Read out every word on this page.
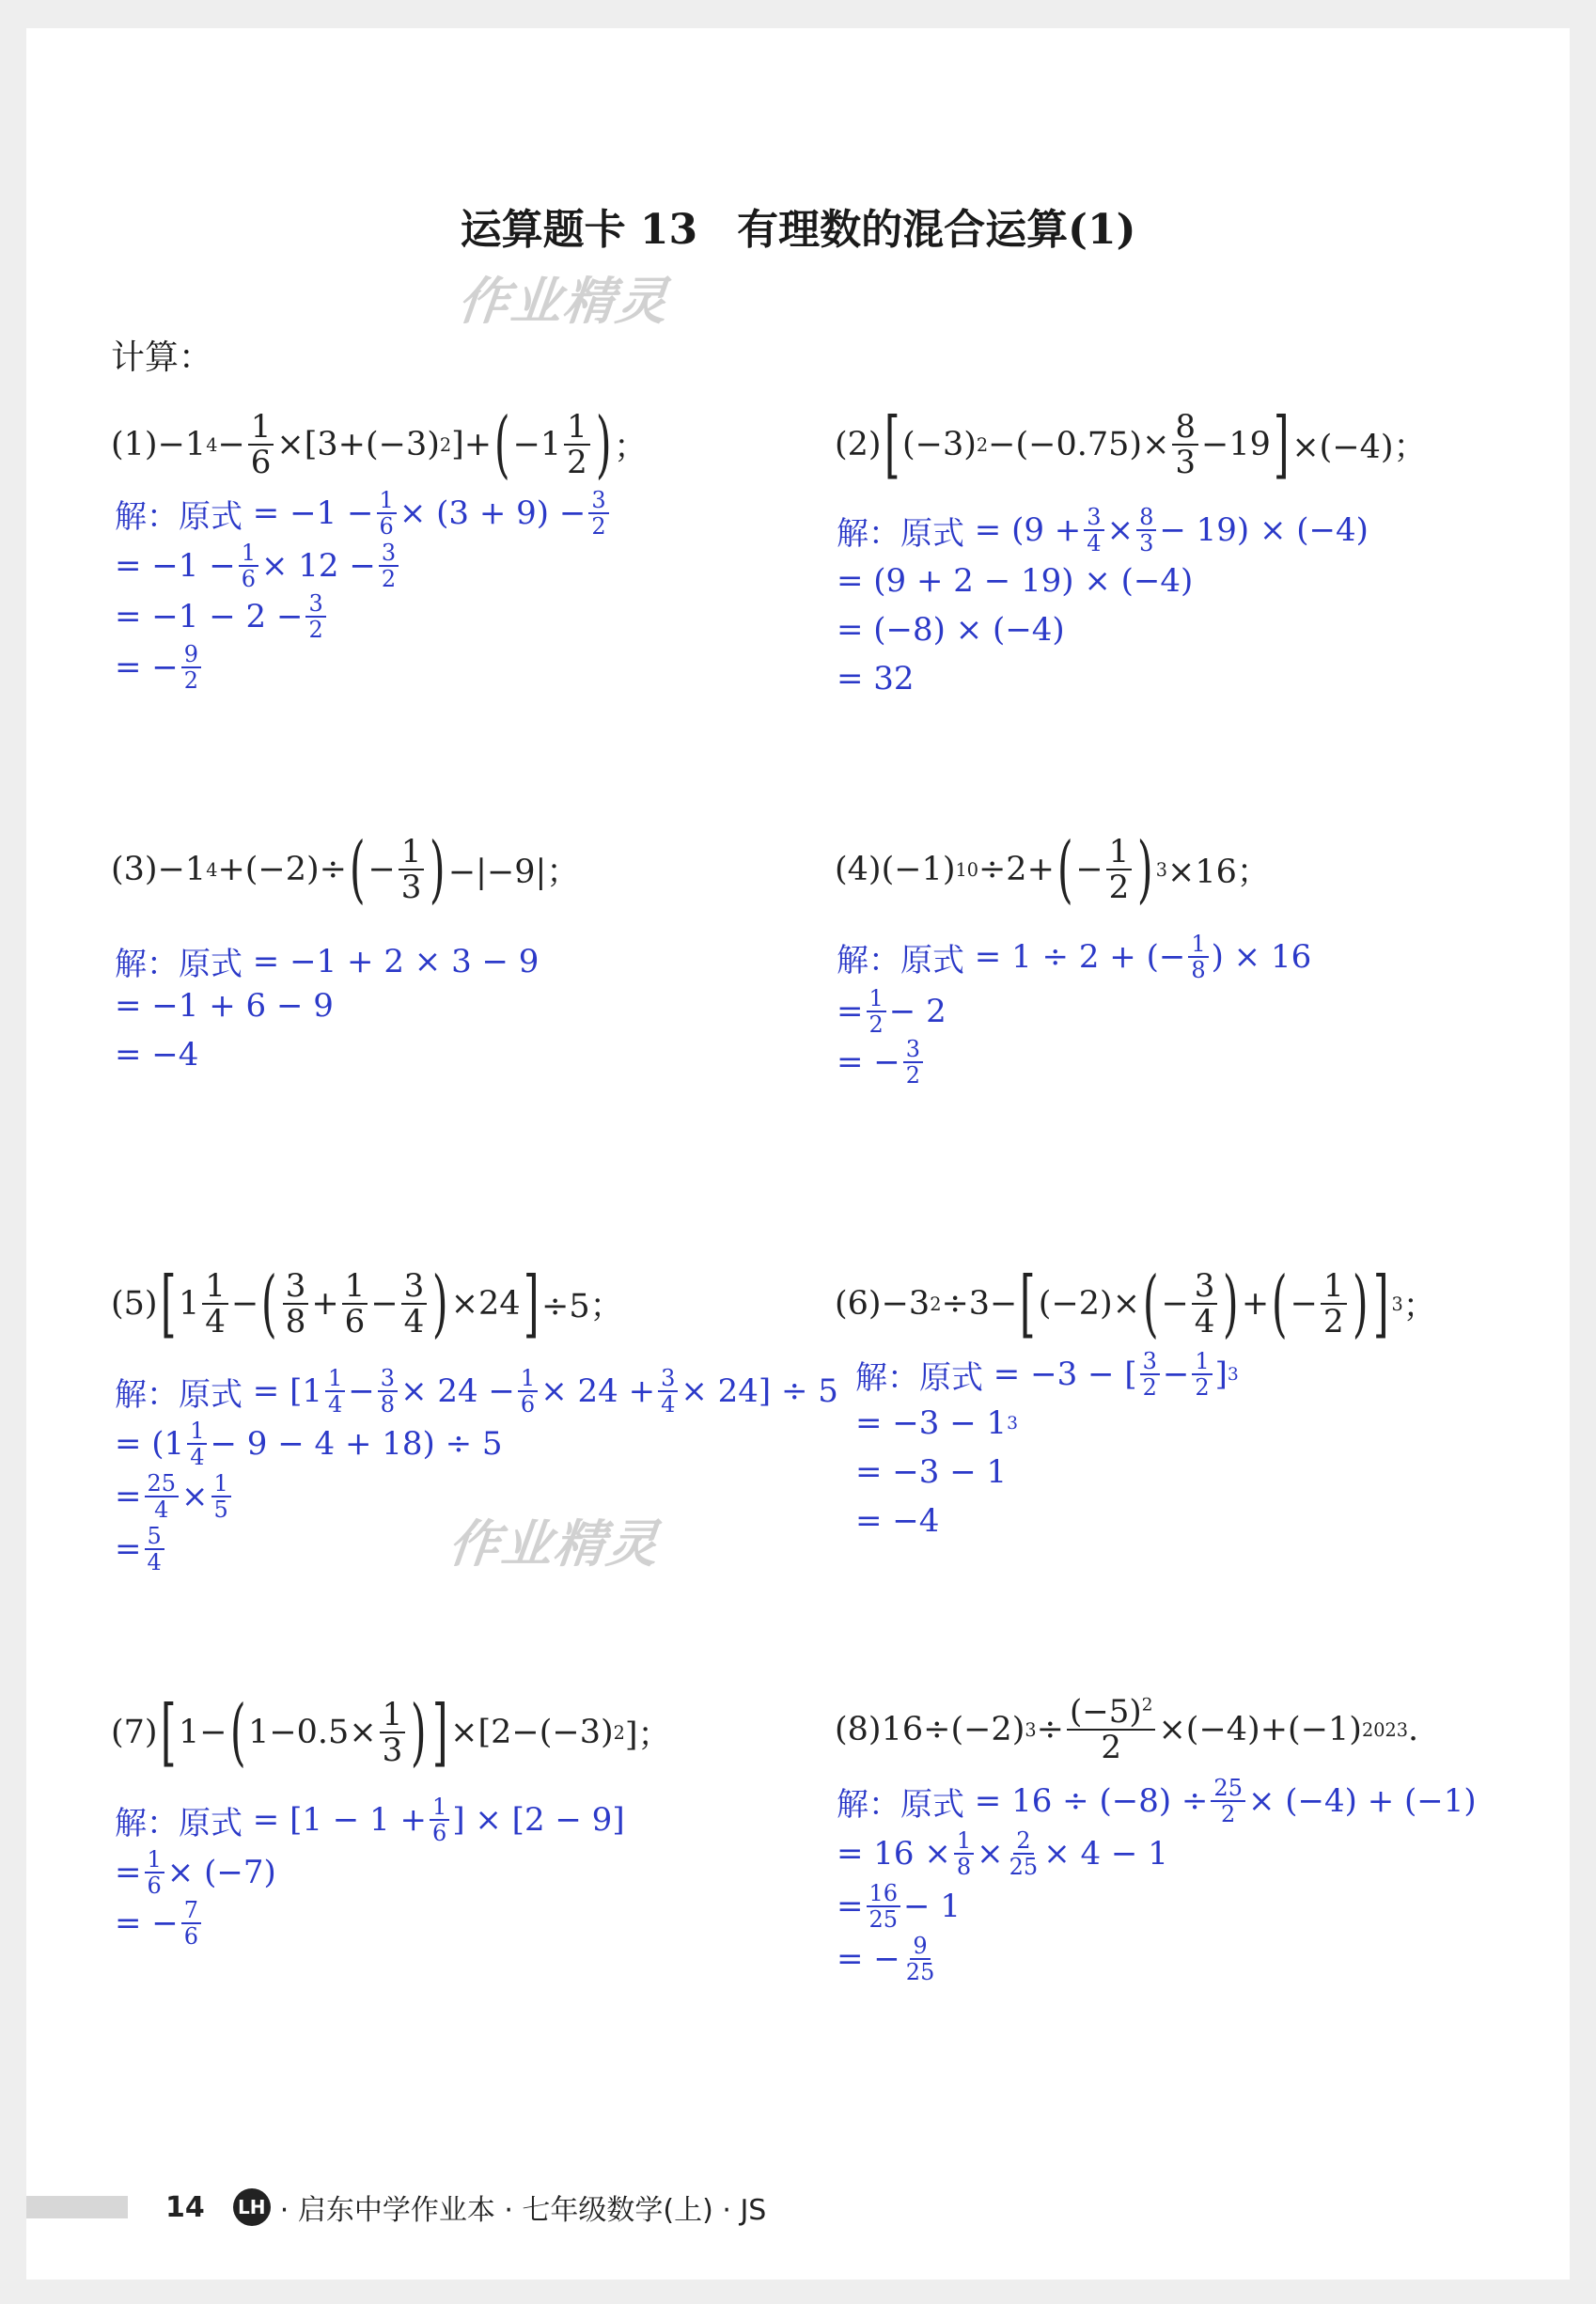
运算题卡 13 有理数的混合运算(1)
作业精灵
计算：
(1) −1 $4 - \frac{1}{6} \times[3+(-3)$ 2 ]+ ( $-1 \frac{1}{2}$ ) ；
解：原式 = $-1 - \frac{1}{6} \times (3 + 9) - \frac{3}{2}$
= $-1 - \frac{1}{6} \times 12 - \frac{3}{2}$
= $-1 - 2 - \frac{3}{2}$
= − $\frac{9}{2}$
(2) [ (−3) $2 -(-0.75)\times \frac{8}{3} -19$ ] ×(−4)；
解：原式 = $(9 + \frac{3}{4} \times \frac{8}{3} - 19) \times (-4)$
= (9 + 2 − 19) × (−4)
= (−8) × (−4)
= 32
(3) −1 4 +(−2)÷ ( − $\frac{1}{3}$ ) −|−9|；
解：原式 = −1 + 2 × 3 − 9
= −1 + 6 − 9
= −4
(4) (−1) 10 ÷2+ ( − $\frac{1}{2}$ ) 3 ×16；
解：原式 = 1 ÷ 2 + (− $\frac{1}{8}$ ) × 16
= $\frac{1}{2} - 2$
= − $\frac{3}{2}$
(5) [ $1 \frac{1}{4}$ − ( $\frac{3}{8} + \frac{1}{6} - \frac{3}{4}$ ) ×24 ] ÷5；
解：原式 = $[1 \frac{1}{4} - \frac{3}{8} \times 24 - \frac{1}{6} \times 24 + \frac{3}{4} \times 24] \div 5$
= $(1 \frac{1}{4} - 9 - 4 + 18) \div 5$
= $\frac{25}{4} \times \frac{1}{5}$
= $\frac{5}{4}$	作业精灵
(6) −3 2 ÷3− [ (−2)× ( − $\frac{3}{4}$ ) + ( − $\frac{1}{2}$ ) ] 3 ；
解：原式 = −3 − [ $\frac{3}{2} - \frac{1}{2}$ ] 3
= −3 − 1 3
= −3 − 1
= −4
(7) [ 1− ( $1-0.5\times \frac{1}{3}$ ) ] ×[2−(−3) 2 ]；
解：原式 = [$1 - 1 + \frac{1}{6}$ ] × [2 − 9]
= $\frac{1}{6} \times (-7)$
= − $\frac{7}{6}$
(8) 16÷(−2) $3 \div \frac{(-5)^2}{2} \times(-4)+(-1)$ 2023 .
解：原式 = $16 \div (-8) \div \frac{25}{2} \times (-4) + (-1)$
= $16 \times \frac{1}{8} \times \frac{2}{25} \times 4 - 1$
= $\frac{16}{25} - 1$
= − $\frac{9}{25}$
14 LH · 启东中学作业本 · 七年级数学(上) · JS
